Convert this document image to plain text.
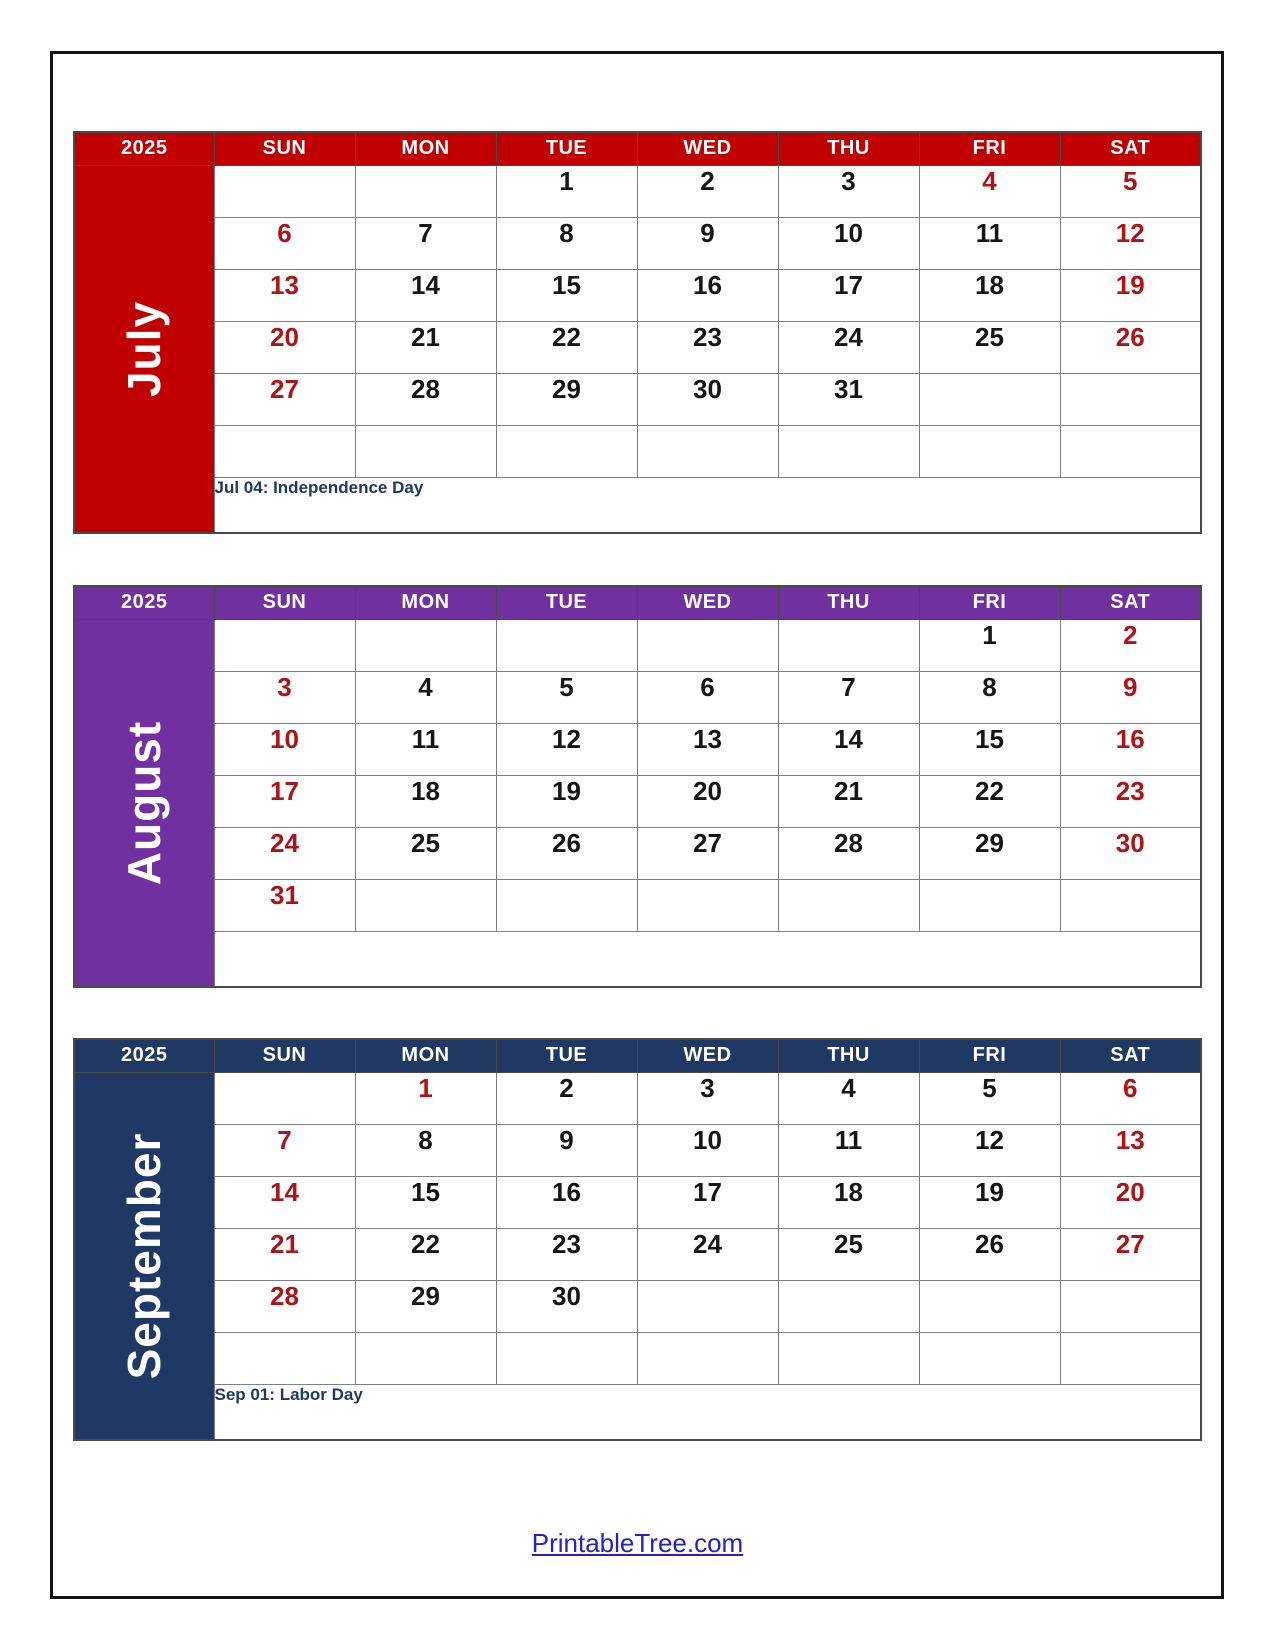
2025	SUN	MON	TUE	WED	THU	FRI	SAT

July			1	2	3	4	5
	6	7	8	9	10	11	12
	13	14	15	16	17	18	19
	20	21	22	23	24	25	26
	27	28	29	30	31		

	Jul 04: Independence Day						
2025	SUN	MON	TUE	WED	THU	FRI	SAT

August						1	2
	3	4	5	6	7	8	9
	10	11	12	13	14	15	16
	17	18	19	20	21	22	23
	24	25	26	27	28	29	30
	31						

2025	SUN	MON	TUE	WED	THU	FRI	SAT

September		1	2	3	4	5	6
	7	8	9	10	11	12	13
	14	15	16	17	18	19	20
	21	22	23	24	25	26	27
	28	29	30				

	Sep 01: Labor Day						
PrintableTree.com
